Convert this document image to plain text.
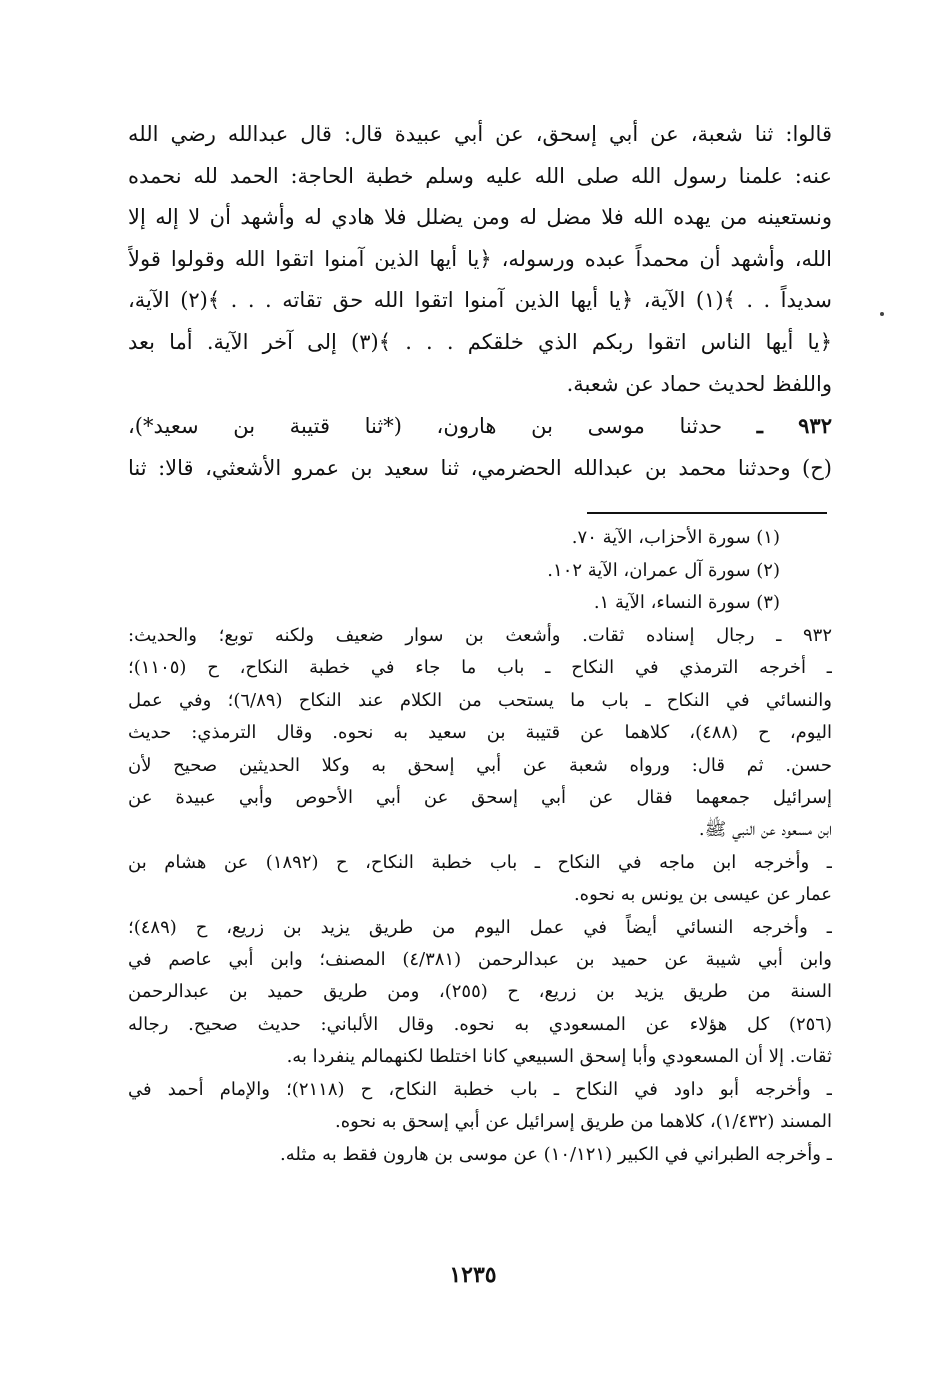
قالوا: ثنا شعبة، عن أبي إسحق، عن أبي عبيدة قال: قال عبدالله رضي الله
عنه: علمنا رسول الله صلى الله عليه وسلم خطبة الحاجة: الحمد لله نحمده
ونستعينه من يهده الله فلا مضل له ومن يضلل فلا هادي له وأشهد أن لا إله إلا
الله، وأشهد أن محمداً عبده ورسوله، ﴿يا أيها الذين آمنوا اتقوا الله وقولوا قولاً
سديداً . . ﴾(١) الآية، ﴿يا أيها الذين آمنوا اتقوا الله حق تقاته . . . ﴾(٢) الآية،
﴿يا أيها الناس اتقوا ربكم الذي خلقكم . . . ﴾(٣) إلى آخر الآية. أما بعد
واللفظ لحديث حماد عن شعبة.
٩٣٢ ـ حدثنا موسى بن هارون، (*ثنا قتيبة بن سعيد*)،
(ح) وحدثنا محمد بن عبدالله الحضرمي، ثنا سعيد بن عمرو الأشعثي، قالا: ثنا
(١) سورة الأحزاب، الآية ٧٠.
(٢) سورة آل عمران، الآية ١٠٢.
(٣) سورة النساء، الآية ١.
٩٣٢ ـ رجال إسناده ثقات. وأشعث بن سوار ضعيف ولكنه توبع؛ والحديث:
ـ أخرجه الترمذي في النكاح ـ باب ما جاء في خطبة النكاح، ح (١١٠٥)؛
والنسائي في النكاح ـ باب ما يستحب من الكلام عند النكاح (٦/٨٩)؛ وفي عمل
اليوم، ح (٤٨٨)، كلاهما عن قتيبة بن سعيد به نحوه. وقال الترمذي: حديث
حسن. ثم قال: ورواه شعبة عن أبي إسحق به وكلا الحديثين صحيح لأن
إسرائيل جمعهما فقال عن أبي إسحق عن أبي الأحوص وأبي عبيدة عن
ابن مسعود عن النبي ﷺ.
ـ وأخرجه ابن ماجه في النكاح ـ باب خطبة النكاح، ح (١٨٩٢) عن هشام بن
عمار عن عيسى بن يونس به نحوه.
ـ وأخرجه النسائي أيضاً في عمل اليوم من طريق يزيد بن زريع، ح (٤٨٩)؛
وابن أبي شيبة عن حميد بن عبدالرحمن (٤/٣٨١) المصنف؛ وابن أبي عاصم في
السنة من طريق يزيد بن زريع، ح (٢٥٥)، ومن طريق حميد بن عبدالرحمن
(٢٥٦) كل هؤلاء عن المسعودي به نحوه. وقال الألباني: حديث صحيح. رجاله
ثقات. إلا أن المسعودي وأبا إسحق السبيعي كانا اختلطا لكنهمالم ينفردا به.
ـ وأخرجه أبو داود في النكاح ـ باب خطبة النكاح، ح (٢١١٨)؛ والإمام أحمد في
المسند (١/٤٣٢)، كلاهما من طريق إسرائيل عن أبي إسحق به نحوه.
ـ وأخرجه الطبراني في الكبير (١٠/١٢١) عن موسى بن هارون فقط به مثله.
١٢٣٥
